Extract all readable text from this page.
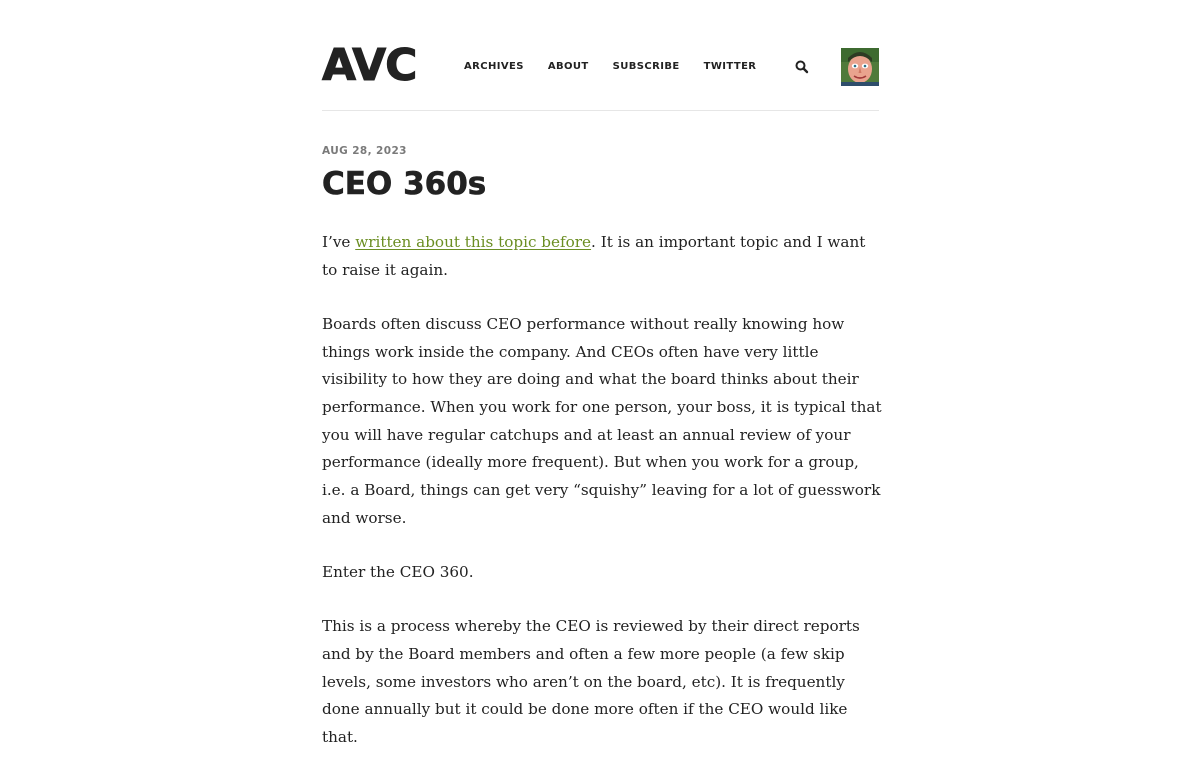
AVC	ARCHIVES ABOUT SUBSCRIBE TWITTER
AUG 28, 2023
CEO 360s

I’ve written about this topic before. It is an important topic and I want to raise it again.

Boards often discuss CEO performance without really knowing how things work inside the company. And CEOs often have very little visibility to how they are doing and what the board thinks about their performance. When you work for one person, your boss, it is typical that you will have regular catchups and at least an annual review of your performance (ideally more frequent). But when you work for a group, i.e. a Board, things can get very “squishy” leaving for a lot of guesswork and worse.

Enter the CEO 360.

This is a process whereby the CEO is reviewed by their direct reports and by the Board members and often a few more people (a few skip levels, some investors who aren’t on the board, etc). It is frequently done annually but it could be done more often if the CEO would like that.
